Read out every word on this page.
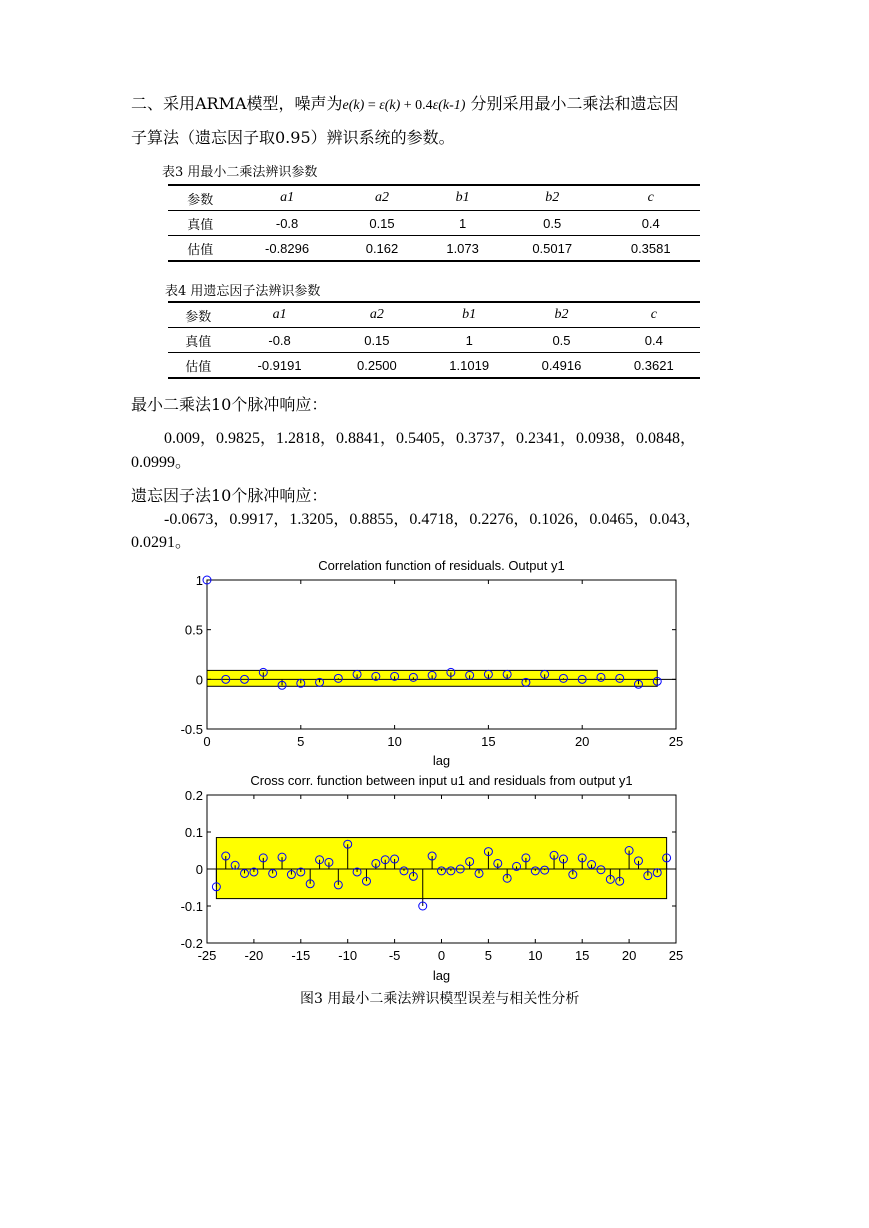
二、采用ARMA模型，噪声为e(k) = ε(k) + 0.4ε(k-1) 分别采用最小二乘法和遗忘因
子算法（遗忘因子取0.95）辨识系统的参数。
表3 用最小二乘法辨识参数
参数	a1	a2	b1	b2	c
真值	-0.8	0.15	1	0.5	0.4
估值	-0.8296	0.162	1.073	0.5017	0.3581
表4 用遗忘因子法辨识参数
参数	a1	a2	b1	b2	c
真值	-0.8	0.15	1	0.5	0.4
估值	-0.9191	0.2500	1.1019	0.4916	0.3621
最小二乘法10个脉冲响应：
0.009，0.9825，1.2818，0.8841，0.5405，0.3737，0.2341，0.0938，0.0848，
0.0999。
遗忘因子法10个脉冲响应：
-0.0673，0.9917，1.3205，0.8855，0.4718，0.2276，0.1026，0.0465，0.043，
0.0291。
0	5	10	15	20	25
-0.5
0
0.5
1
Correlation function of residuals. Output y1
lag
-25 -20 -15 -10 -5	0	5	10 15 20 25
-0.2
-0.1
0
0.1
0.2
Cross corr. function between input u1 and residuals from output y1
lag
图3 用最小二乘法辨识模型误差与相关性分析
